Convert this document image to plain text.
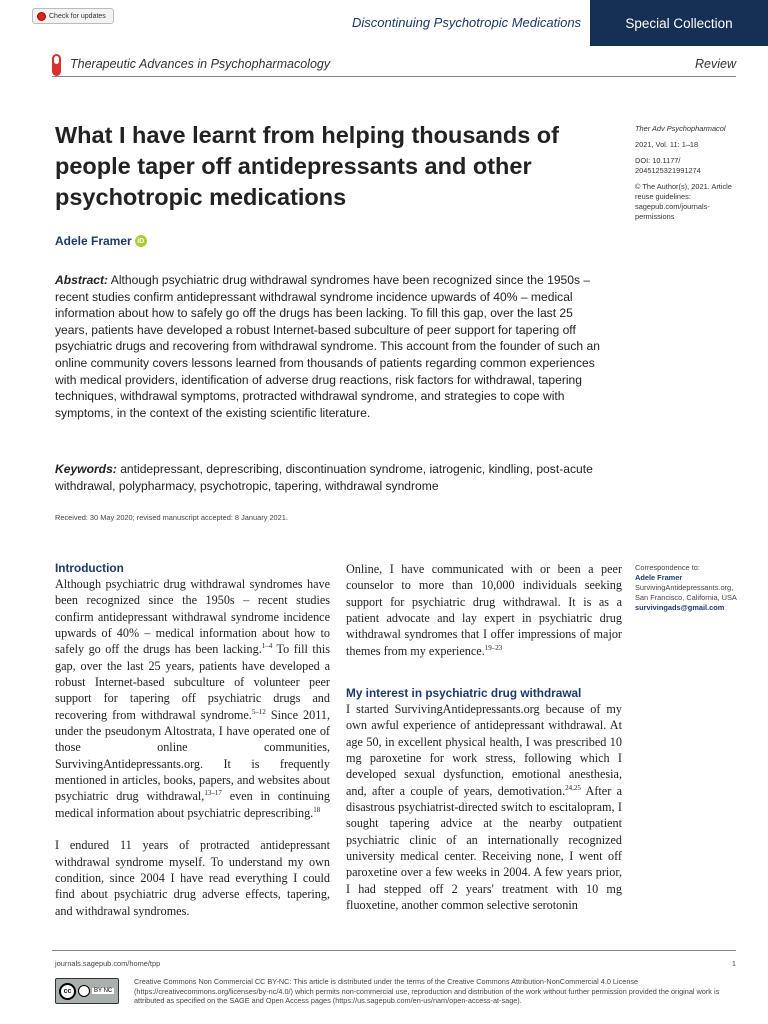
Check for updates	Discontinuing Psychotropic Medications	Special Collection
Therapeutic Advances in Psychopharmacology	Review
What I have learnt from helping thousands of people taper off antidepressants and other psychotropic medications
Adele Framer iD

Ther Adv Psychopharmacol

2021, Vol. 11: 1–18

DOI: 10.1177/ 2045125321991274

© The Author(s), 2021. Article reuse guidelines: sagepub.com/journals-permissions

Abstract: Although psychiatric drug withdrawal syndromes have been recognized since the 1950s – recent studies confirm antidepressant withdrawal syndrome incidence upwards of 40% – medical information about how to safely go off the drugs has been lacking. To fill this gap, over the last 25 years, patients have developed a robust Internet-based subculture of peer support for tapering off psychiatric drugs and recovering from withdrawal syndrome. This account from the founder of such an online community covers lessons learned from thousands of patients regarding common experiences with medical providers, identification of adverse drug reactions, risk factors for withdrawal, tapering techniques, withdrawal symptoms, protracted withdrawal syndrome, and strategies to cope with symptoms, in the context of the existing scientific literature.
Keywords: antidepressant, deprescribing, discontinuation syndrome, iatrogenic, kindling, post-acute withdrawal, polypharmacy, psychotropic, tapering, withdrawal syndrome
Received: 30 May 2020; revised manuscript accepted: 8 January 2021.
Introduction

Although psychiatric drug withdrawal syndromes have been recognized since the 1950s – recent studies confirm antidepressant withdrawal syndrome incidence upwards of 40% – medical information about how to safely go off the drugs has been lacking.$^{1-4}$ To fill this gap, over the last 25 years, patients have developed a robust Internet-based subculture of volunteer peer support for tapering off psychiatric drugs and recovering from withdrawal syndrome.$^{5-12}$ Since 2011, under the pseudonym Altostrata, I have operated one of those online communities, SurvivingAntidepressants.org. It is frequently mentioned in articles, books, papers, and websites about psychiatric drug withdrawal,$^{13-17}$ even in continuing medical information about psychiatric deprescribing.$^{18}$

I endured 11 years of protracted antidepressant withdrawal syndrome myself. To understand my own condition, since 2004 I have read everything I could find about psychiatric drug adverse effects, tapering, and withdrawal syndromes.

Online, I have communicated with or been a peer counselor to more than 10,000 individuals seeking support for psychiatric drug withdrawal. It is as a patient advocate and lay expert in psychiatric drug withdrawal syndromes that I offer impressions of major themes from my experience.$^{19-23}$

My interest in psychiatric drug withdrawal

I started SurvivingAntidepressants.org because of my own awful experience of antidepressant withdrawal. At age 50, in excellent physical health, I was prescribed 10 mg paroxetine for work stress, following which I developed sexual dysfunction, emotional anesthesia, and, after a couple of years, demotivation.$^{24,25}$ After a disastrous psychiatrist-directed switch to escitalopram, I sought tapering advice at the nearby outpatient psychiatric clinic of an internationally recognized university medical center. Receiving none, I went off paroxetine over a few weeks in 2004. A few years prior, I had stepped off 2 years' treatment with 10 mg fluoxetine, another common selective serotonin

Correspondence to:
Adele Framer
SurvivingAntidepressants.org, San Francisco, California, USA
survivingads@gmail.com
journals.sagepub.com/home/tpp	1
cc	BY NC
Creative Commons Non Commercial CC BY-NC: This article is distributed under the terms of the Creative Commons Attribution-NonCommercial 4.0 License (https://creativecommons.org/licenses/by-nc/4.0/) which permits non-commercial use, reproduction and distribution of the work without further permission provided the original work is attributed as specified on the SAGE and Open Access pages (https://us.sagepub.com/en-us/nam/open-access-at-sage).
